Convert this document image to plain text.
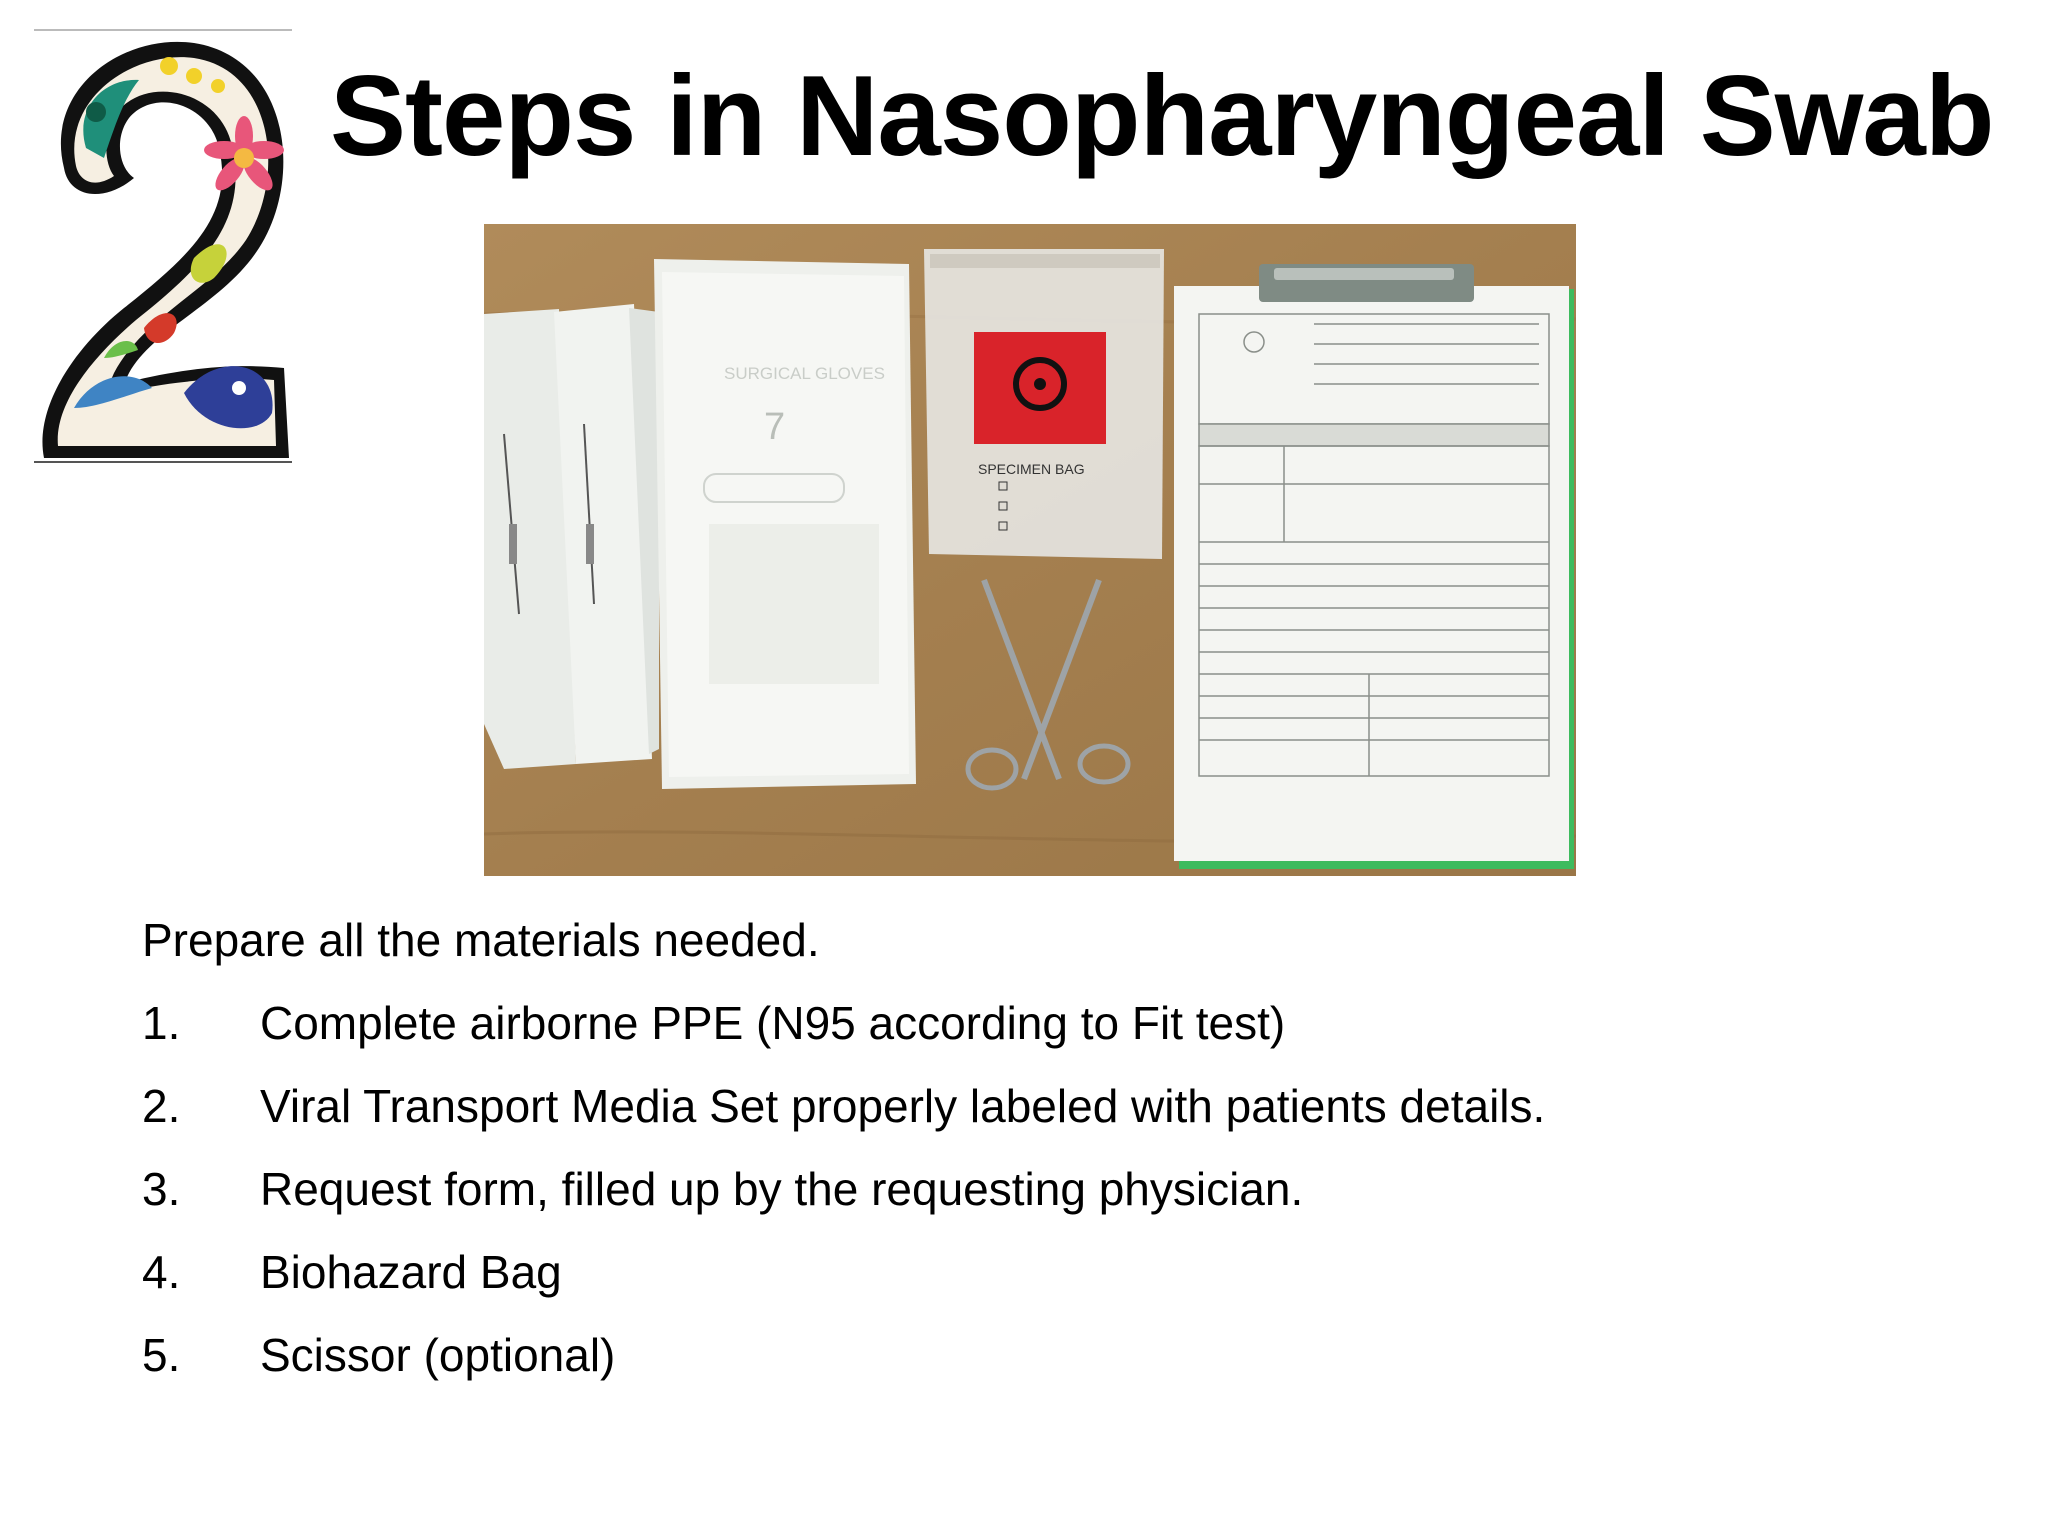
Steps in Nasopharyngeal Swab
SURGICAL GLOVES
7
SPECIMEN BAG
Prepare all the materials needed.
1.	Complete airborne PPE (N95 according to Fit test)
2.	Viral Transport Media Set properly labeled with patients details.
3.	Request form, filled up by the requesting physician.
4.	Biohazard Bag
5.	Scissor (optional)
